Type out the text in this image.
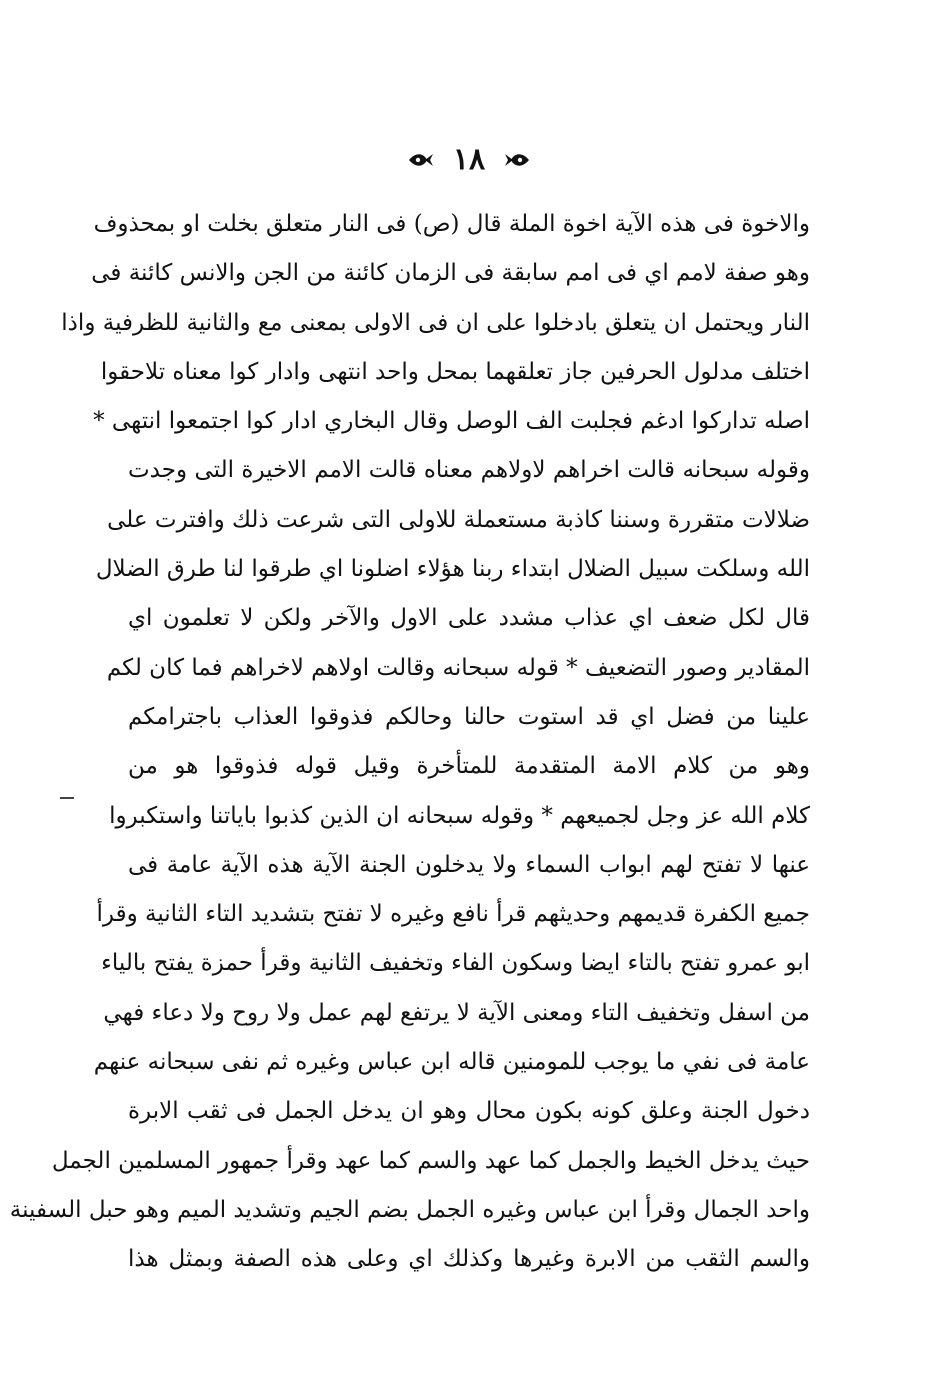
١٨
والاخوة فى هذه الآية اخوة الملة قال (ص) فى النار متعلق بخلت او بمحذوف
وهو صفة لامم اي فى امم سابقة فى الزمان كائنة من الجن والانس كائنة فى
النار ويحتمل ان يتعلق بادخلوا على ان فى الاولى بمعنى مع والثانية للظرفية واذا
اختلف مدلول الحرفين جاز تعلقهما بمحل واحد انتهى وادار كوا معناه تلاحقوا
اصله تداركوا ادغم فجلبت الف الوصل وقال البخاري ادار كوا اجتمعوا انتهى *
وقوله سبحانه قالت اخراهم لاولاهم معناه قالت الامم الاخيرة التى وجدت
ضلالات متقررة وسننا كاذبة مستعملة للاولى التى شرعت ذلك وافترت على
الله وسلكت سبيل الضلال ابتداء ربنا هؤلاء اضلونا اي طرقوا لنا طرق الضلال
قال لكل ضعف اي عذاب مشدد على الاول والآخر ولكن لا تعلمون اي
المقادير وصور التضعيف * قوله سبحانه وقالت اولاهم لاخراهم فما كان لكم
علينا من فضل اي قد استوت حالنا وحالكم فذوقوا العذاب باجترامكم
وهو من كلام الامة المتقدمة للمتأخرة وقيل قوله فذوقوا هو من
كلام الله عز وجل لجميعهم * وقوله سبحانه ان الذين كذبوا باياتنا واستكبروا
عنها لا تفتح لهم ابواب السماء ولا يدخلون الجنة الآية هذه الآية عامة فى
جميع الكفرة قديمهم وحديثهم قرأ نافع وغيره لا تفتح بتشديد التاء الثانية وقرأ
ابو عمرو تفتح بالتاء ايضا وسكون الفاء وتخفيف الثانية وقرأ حمزة يفتح بالياء
من اسفل وتخفيف التاء ومعنى الآية لا يرتفع لهم عمل ولا روح ولا دعاء فهي
عامة فى نفي ما يوجب للمومنين قاله ابن عباس وغيره ثم نفى سبحانه عنهم
دخول الجنة وعلق كونه بكون محال وهو ان يدخل الجمل فى ثقب الابرة
حيث يدخل الخيط والجمل كما عهد والسم كما عهد وقرأ جمهور المسلمين الجمل
واحد الجمال وقرأ ابن عباس وغيره الجمل بضم الجيم وتشديد الميم وهو حبل السفينة
والسم الثقب من الابرة وغيرها وكذلك اي وعلى هذه الصفة وبمثل هذا
